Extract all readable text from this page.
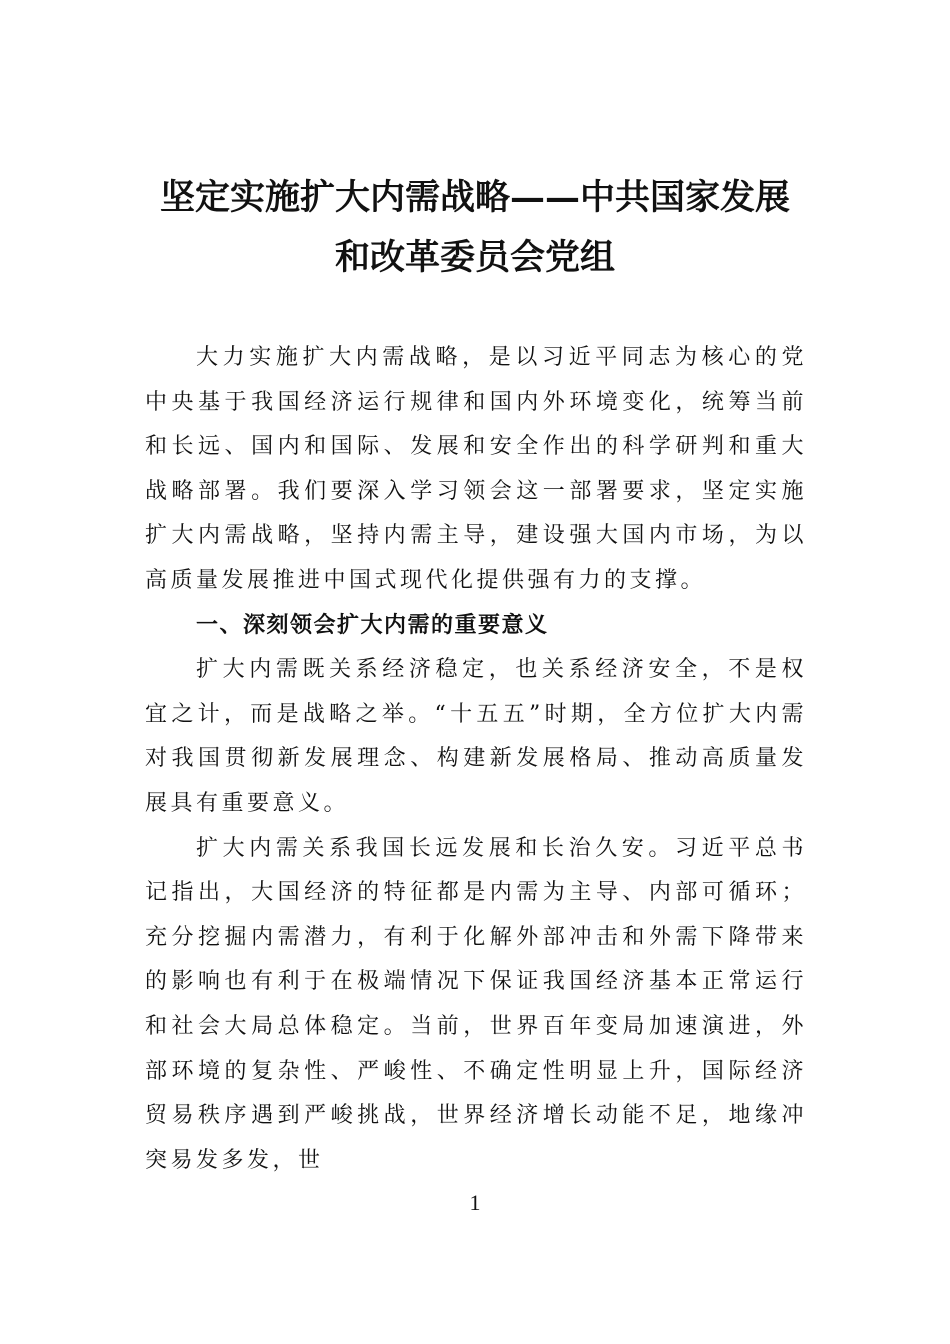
坚定实施扩大内需战略——中共国家发展
和改革委员会党组

大力实施扩大内需战略，是以习近平同志为核心的党中央基于我国经济运行规律和国内外环境变化，统筹当前和长远、国内和国际、发展和安全作出的科学研判和重大战略部署。我们要深入学习领会这一部署要求，坚定实施扩大内需战略，坚持内需主导，建设强大国内市场，为以高质量发展推进中国式现代化提供强有力的支撑。

一、深刻领会扩大内需的重要意义

扩大内需既关系经济稳定，也关系经济安全，不是权宜之计，而是战略之举。“十五五”时期，全方位扩大内需对我国贯彻新发展理念、构建新发展格局、推动高质量发展具有重要意义。

扩大内需关系我国长远发展和长治久安。习近平总书记指出，大国经济的特征都是内需为主导、内部可循环；充分挖掘内需潜力，有利于化解外部冲击和外需下降带来的影响也有利于在极端情况下保证我国经济基本正常运行和社会大局总体稳定。当前，世界百年变局加速演进，外部环境的复杂性、严峻性、不确定性明显上升，国际经济贸易秩序遇到严峻挑战，世界经济增长动能不足，地缘冲突易发多发，世

1
